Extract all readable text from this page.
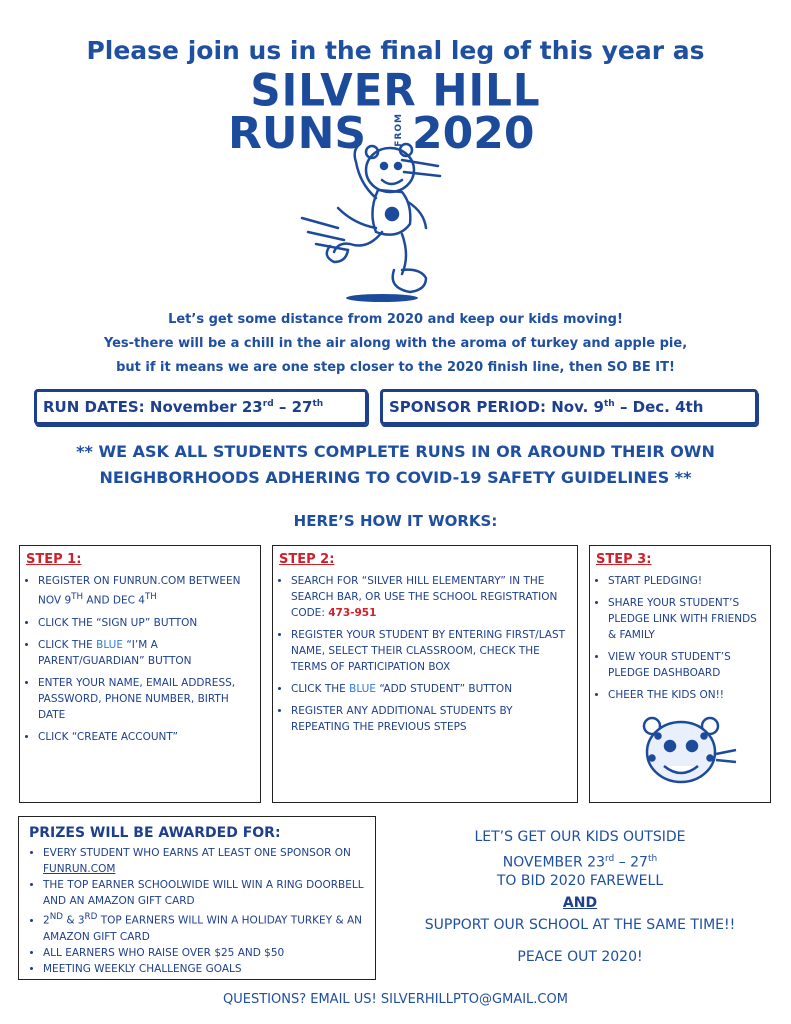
Please join us in the final leg of this year as
SILVER HILL
RUNS	FROM 2020
Let’s get some distance from 2020 and keep our kids moving!
Yes-there will be a chill in the air along with the aroma of turkey and apple pie,
but if it means we are one step closer to the 2020 finish line, then SO BE IT!
RUN DATES: November 23rd – 27th	SPONSOR PERIOD: Nov. 9th – Dec. 4th
** WE ASK ALL STUDENTS COMPLETE RUNS IN OR AROUND THEIR OWN
NEIGHBORHOODS ADHERING TO COVID-19 SAFETY GUIDELINES **
HERE’S HOW IT WORKS:
STEP 1:
• REGISTER ON FUNRUN.COM BETWEEN NOV 9TH AND DEC 4TH
• CLICK THE “SIGN UP” BUTTON
• CLICK THE BLUE “I’M A PARENT/GUARDIAN” BUTTON
• ENTER YOUR NAME, EMAIL ADDRESS, PASSWORD, PHONE NUMBER, BIRTH DATE
• CLICK “CREATE ACCOUNT”
STEP 2:
• SEARCH FOR “SILVER HILL ELEMENTARY” IN THE SEARCH BAR, OR USE THE SCHOOL REGISTRATION CODE: 473-951
• REGISTER YOUR STUDENT BY ENTERING FIRST/LAST NAME, SELECT THEIR CLASSROOM, CHECK THE TERMS OF PARTICIPATION BOX
• CLICK THE BLUE “ADD STUDENT” BUTTON
• REGISTER ANY ADDITIONAL STUDENTS BY REPEATING THE PREVIOUS STEPS
STEP 3:
• START PLEDGING!
• SHARE YOUR STUDENT’S PLEDGE LINK WITH FRIENDS & FAMILY
• VIEW YOUR STUDENT’S PLEDGE DASHBOARD
• CHEER THE KIDS ON!!
PRIZES WILL BE AWARDED FOR:
• EVERY STUDENT WHO EARNS AT LEAST ONE SPONSOR ON FUNRUN.COM
• THE TOP EARNER SCHOOLWIDE WILL WIN A RING DOORBELL AND AN AMAZON GIFT CARD
• 2ND & 3RD TOP EARNERS WILL WIN A HOLIDAY TURKEY & AN AMAZON GIFT CARD
• ALL EARNERS WHO RAISE OVER $25 AND $50
• MEETING WEEKLY CHALLENGE GOALS
LET’S GET OUR KIDS OUTSIDE
NOVEMBER 23rd – 27th
TO BID 2020 FAREWELL
AND
SUPPORT OUR SCHOOL AT THE SAME TIME!!
PEACE OUT 2020!
QUESTIONS? EMAIL US! SILVERHILLPTO@GMAIL.COM
